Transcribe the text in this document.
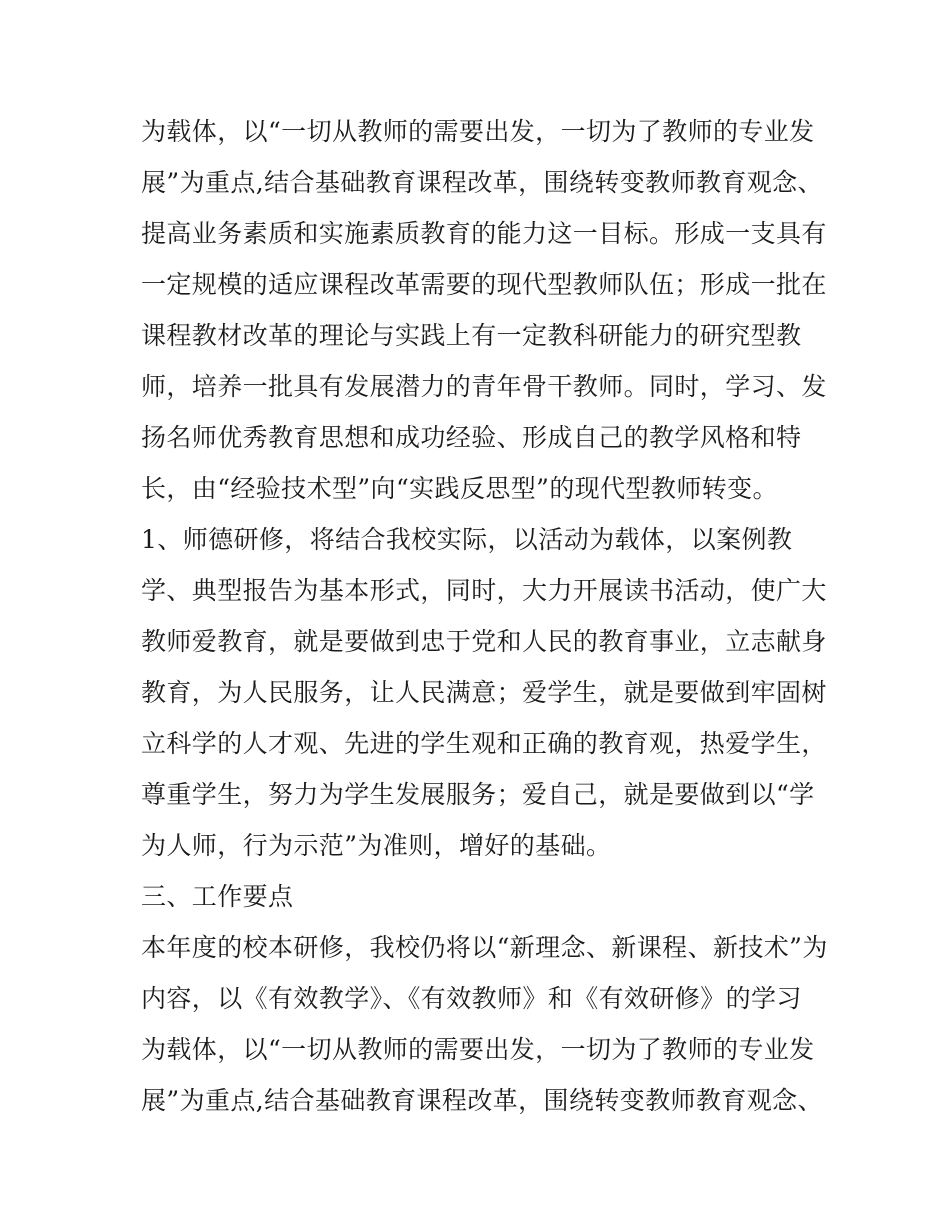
为载体，以“一切从教师的需要出发，一切为了教师的专业发
展”为重点,结合基础教育课程改革，围绕转变教师教育观念、
提高业务素质和实施素质教育的能力这一目标。形成一支具有
一定规模的适应课程改革需要的现代型教师队伍；形成一批在
课程教材改革的理论与实践上有一定教科研能力的研究型教
师，培养一批具有发展潜力的青年骨干教师。同时，学习、发
扬名师优秀教育思想和成功经验、形成自己的教学风格和特
长，由“经验技术型”向“实践反思型”的现代型教师转变。
1、师德研修，将结合我校实际，以活动为载体，以案例教
学、典型报告为基本形式，同时，大力开展读书活动，使广大
教师爱教育，就是要做到忠于党和人民的教育事业，立志献身
教育，为人民服务，让人民满意；爱学生，就是要做到牢固树
立科学的人才观、先进的学生观和正确的教育观，热爱学生，
尊重学生，努力为学生发展服务；爱自己，就是要做到以“学
为人师，行为示范”为准则，增好的基础。
三、工作要点
本年度的校本研修，我校仍将以“新理念、新课程、新技术”为
内容，以《有效教学》、《有效教师》和《有效研修》的学习
为载体，以“一切从教师的需要出发，一切为了教师的专业发
展”为重点,结合基础教育课程改革，围绕转变教师教育观念、
